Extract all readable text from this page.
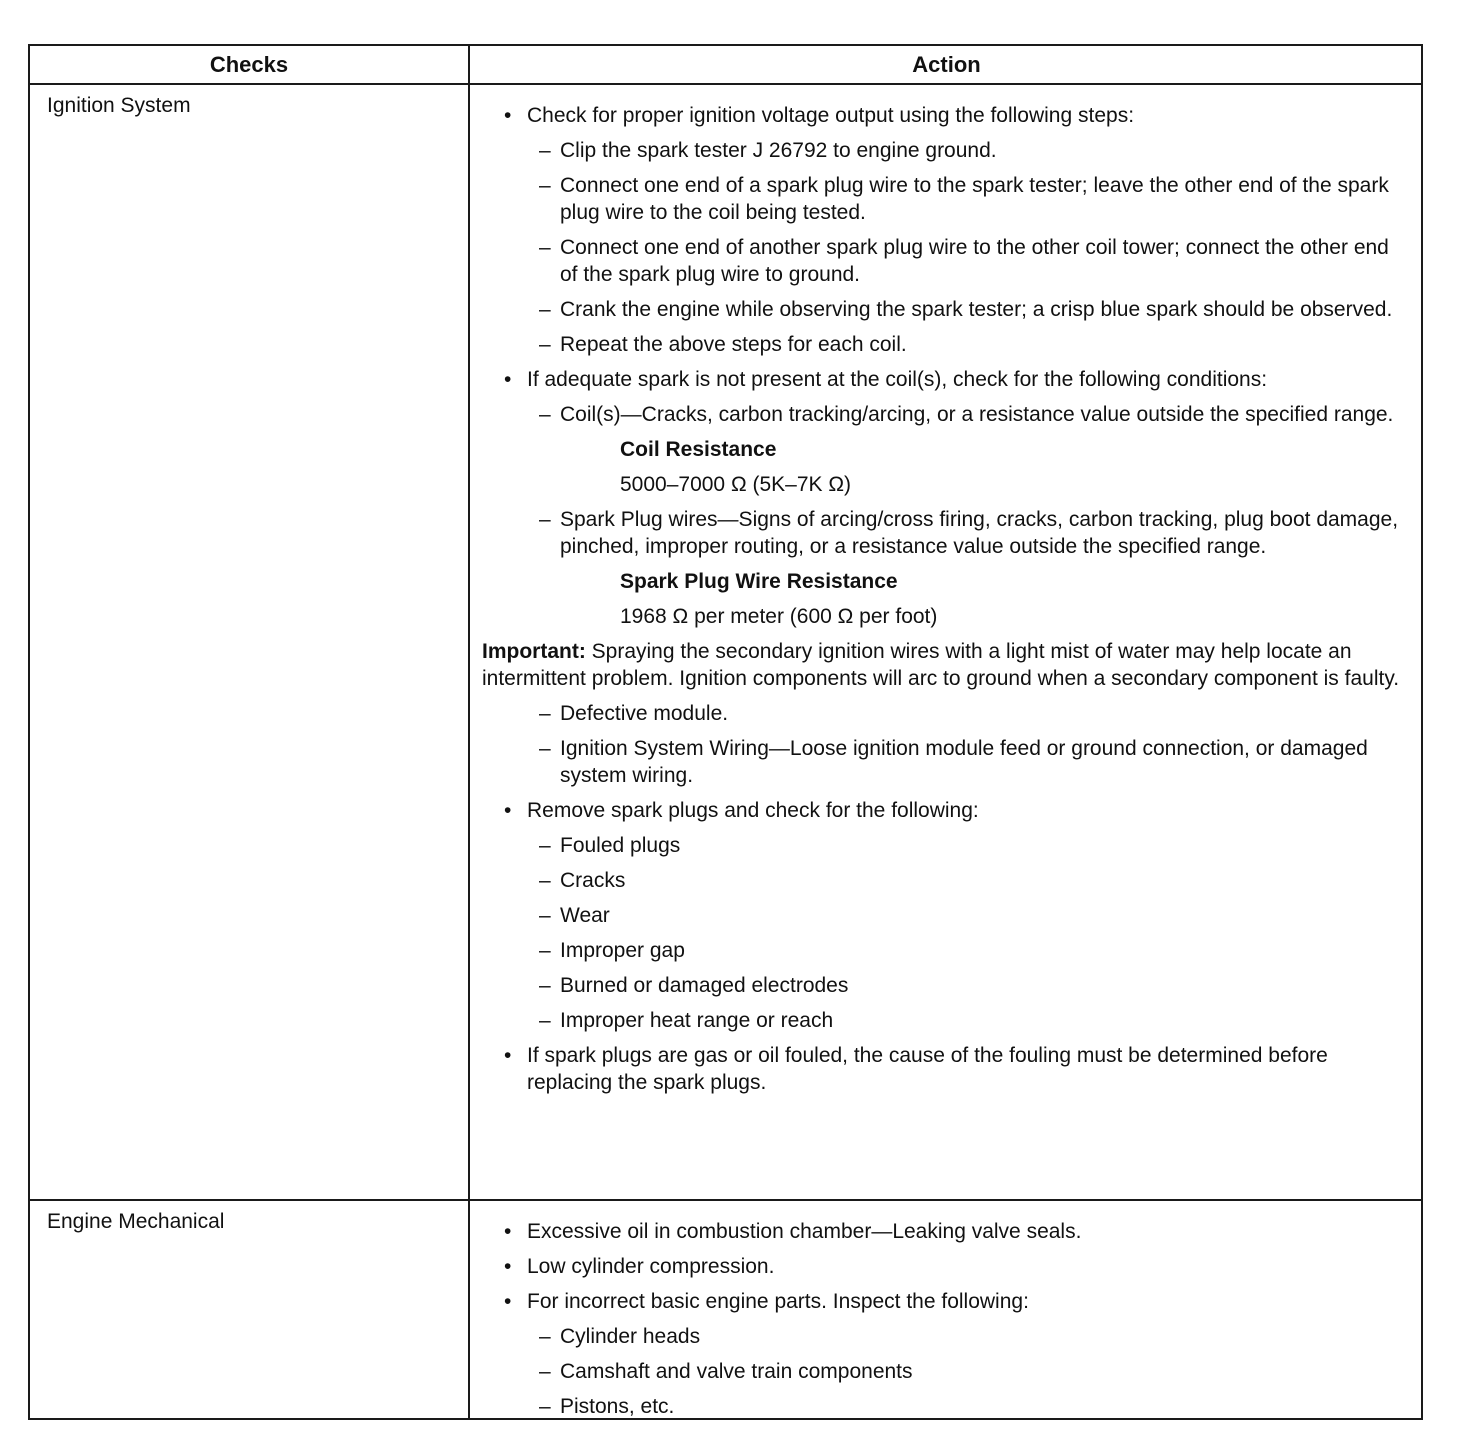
Checks	Action
Ignition System	• Check for proper ignition voltage output using the following steps:
– Clip the spark tester J 26792 to engine ground.
– Connect one end of a spark plug wire to the spark tester; leave the other end of the spark plug wire to the coil being tested.
– Connect one end of another spark plug wire to the other coil tower; connect the other end of the spark plug wire to ground.
– Crank the engine while observing the spark tester; a crisp blue spark should be observed.
– Repeat the above steps for each coil.
• If adequate spark is not present at the coil(s), check for the following conditions:
– Coil(s)—Cracks, carbon tracking/arcing, or a resistance value outside the specified range.
Coil Resistance
5000–7000 Ω (5K–7K Ω)
– Spark Plug wires—Signs of arcing/cross firing, cracks, carbon tracking, plug boot damage, pinched, improper routing, or a resistance value outside the specified range.
Spark Plug Wire Resistance
1968 Ω per meter (600 Ω per foot)
Important: Spraying the secondary ignition wires with a light mist of water may help locate an intermittent problem. Ignition components will arc to ground when a secondary component is faulty.
– Defective module.
– Ignition System Wiring—Loose ignition module feed or ground connection, or damaged system wiring.
• Remove spark plugs and check for the following:
– Fouled plugs
– Cracks
– Wear
– Improper gap
– Burned or damaged electrodes
– Improper heat range or reach
• If spark plugs are gas or oil fouled, the cause of the fouling must be determined before replacing the spark plugs.
Engine Mechanical	• Excessive oil in combustion chamber—Leaking valve seals.
• Low cylinder compression.
• For incorrect basic engine parts. Inspect the following:
– Cylinder heads
– Camshaft and valve train components
– Pistons, etc.
